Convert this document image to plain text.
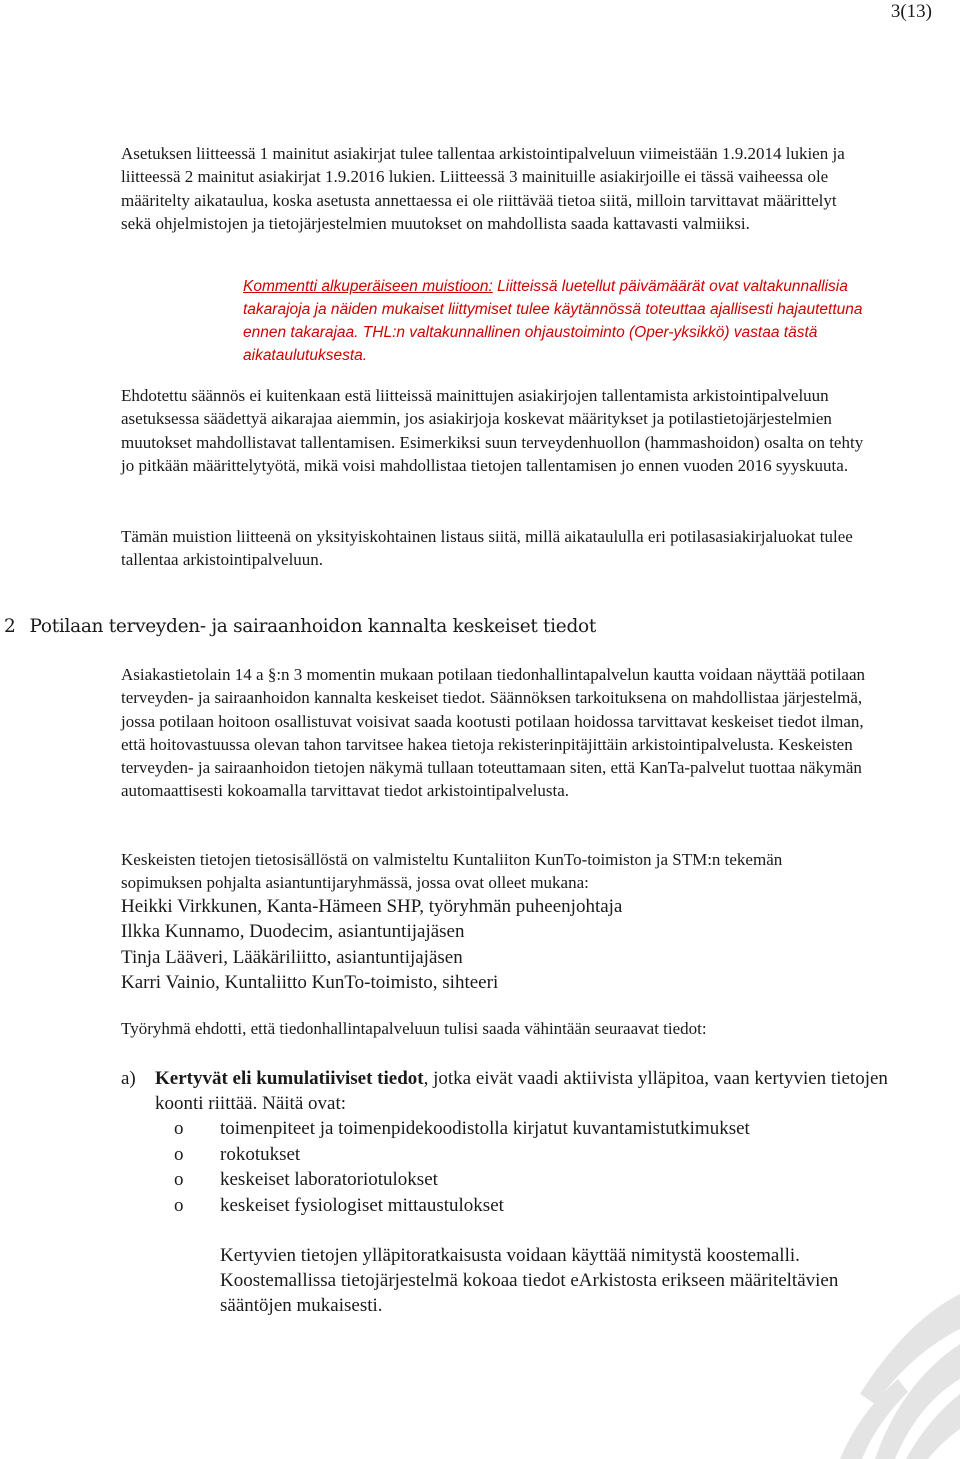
3(13)

Asetuksen liitteessä 1 mainitut asiakirjat tulee tallentaa arkistointipalveluun viimeistään 1.9.2014 lukien ja liitteessä 2 mainitut asiakirjat 1.9.2016 lukien. Liitteessä 3 mainituille asiakirjoille ei tässä vaiheessa ole määritelty aikataulua, koska asetusta annettaessa ei ole riittävää tietoa siitä, milloin tarvittavat määrittelyt sekä ohjelmistojen ja tietojärjestelmien muutokset on mahdollista saada kattavasti valmiiksi.

Kommentti alkuperäiseen muistioon: Liitteissä luetellut päivämäärät ovat valtakunnallisia takarajoja ja näiden mukaiset liittymiset tulee käytännössä toteuttaa ajallisesti hajautettuna ennen takarajaa. THL:n valtakunnallinen ohjaustoiminto (Oper-yksikkö) vastaa tästä aikataulutuksesta.

Ehdotettu säännös ei kuitenkaan estä liitteissä mainittujen asiakirjojen tallentamista arkistointipalveluun asetuksessa säädettyä aikarajaa aiemmin, jos asiakirjoja koskevat määritykset ja potilastietojärjestelmien muutokset mahdollistavat tallentamisen. Esimerkiksi suun terveydenhuollon (hammashoidon) osalta on tehty jo pitkään määrittelytyötä, mikä voisi mahdollistaa tietojen tallentamisen jo ennen vuoden 2016 syyskuuta.

Tämän muistion liitteenä on yksityiskohtainen listaus siitä, millä aikataululla eri potilasasiakirjaluokat tulee tallentaa arkistointipalveluun.

2 Potilaan terveyden- ja sairaanhoidon kannalta keskeiset tiedot

Asiakastietolain 14 a §:n 3 momentin mukaan potilaan tiedonhallintapalvelun kautta voidaan näyttää potilaan terveyden- ja sairaanhoidon kannalta keskeiset tiedot. Säännöksen tarkoituksena on mahdollistaa järjestelmä, jossa potilaan hoitoon osallistuvat voisivat saada kootusti potilaan hoidossa tarvittavat keskeiset tiedot ilman, että hoitovastuussa olevan tahon tarvitsee hakea tietoja rekisterinpitäjittäin arkistointipalvelusta. Keskeisten terveyden- ja sairaanhoidon tietojen näkymä tullaan toteuttamaan siten, että KanTa-palvelut tuottaa näkymän automaattisesti kokoamalla tarvittavat tiedot arkistointipalvelusta.

Keskeisten tietojen tietosisällöstä on valmisteltu Kuntaliiton KunTo-toimiston ja STM:n tekemän sopimuksen pohjalta asiantuntijaryhmässä, jossa ovat olleet mukana:

Heikki Virkkunen, Kanta-Hämeen SHP, työryhmän puheenjohtaja
Ilkka Kunnamo, Duodecim, asiantuntijajäsen
Tinja Lääveri, Lääkäriliitto, asiantuntijajäsen
Karri Vainio, Kuntaliitto KunTo-toimisto, sihteeri

Työryhmä ehdotti, että tiedonhallintapalveluun tulisi saada vähintään seuraavat tiedot:

a) Kertyvät eli kumulatiiviset tiedot, jotka eivät vaadi aktiivista ylläpitoa, vaan kertyvien tietojen koonti riittää. Näitä ovat:
o toimenpiteet ja toimenpidekoodistolla kirjatut kuvantamistutkimukset
o rokotukset
o keskeiset laboratoriotulokset
o keskeiset fysiologiset mittaustulokset

Kertyvien tietojen ylläpitoratkaisusta voidaan käyttää nimitystä koostemalli. Koostemallissa tietojärjestelmä kokoaa tiedot eArkistosta erikseen määriteltävien sääntöjen mukaisesti.
